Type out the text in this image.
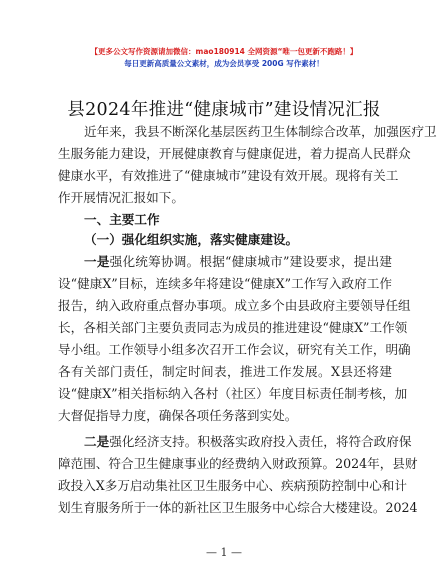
【更多公文写作资源请加微信：mao180914 全网资源“唯一包更新不跑路！】
每日更新高质量公文素材，成为会员享受 200G 写作素材！
县2024年推进“健康城市”建设情况汇报
近年来，我县不断深化基层医药卫生体制综合改革，加强医疗卫
生服务能力建设，开展健康教育与健康促进，着力提高人民群众
健康水平，有效推进了“健康城市”建设有效开展。现将有关工
作开展情况汇报如下。
一、主要工作
（一）强化组织实施，落实健康建设。
一是强化统筹协调。根据“健康城市”建设要求，提出建
设“健康X”目标，连续多年将建设“健康X”工作写入政府工作
报告，纳入政府重点督办事项。成立多个由县政府主要领导任组
长，各相关部门主要负责同志为成员的推进建设“健康X”工作领
导小组。工作领导小组多次召开工作会议，研究有关工作，明确
各有关部门责任，制定时间表，推进工作发展。X县还将建
设“健康X”相关指标纳入各村（社区）年度目标责任制考核，加
大督促指导力度，确保各项任务落到实处。
二是强化经济支持。积极落实政府投入责任，将符合政府保
障范围、符合卫生健康事业的经费纳入财政预算。2024年，县财
政投入X多万启动集社区卫生服务中心、疾病预防控制中心和计
划生育服务所于一体的新社区卫生服务中心综合大楼建设。2024
— 1 —
